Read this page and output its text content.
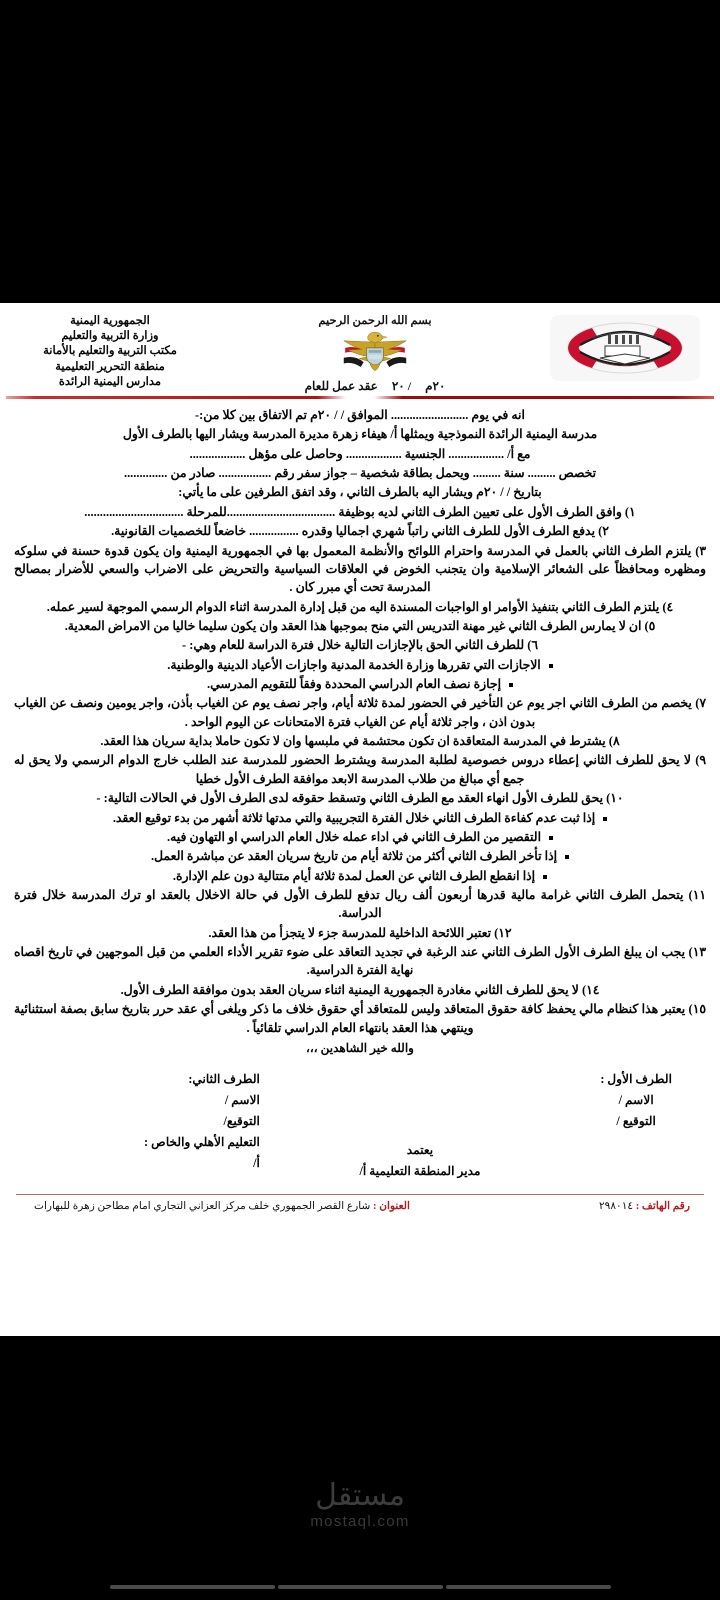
الجمهورية اليمنية
وزارة التربية والتعليم
مكتب التربية والتعليم بالأمانة
منطقة التحرير التعليمية
مدارس اليمنية الرائدة
بسم الله الرحمن الرحيم
عقد عمل للعام / ٢٠ ٢٠م
انه في يوم ......................... الموافق / / ٢٠م تم الاتفاق بين كلا من:-
مدرسة اليمنية الرائدة النموذجية ويمثلها أ/ هيفاء زهرة مديرة المدرسة ويشار اليها بالطرف الأول
مع أ/ .................. الجنسية .................. وحاصل على مؤهل ..................
تخصص ......... سنة ......... ويحمل بطاقة شخصية – جواز سفر رقم ................. صادر من ..............
بتاريخ / / ٢٠م ويشار اليه بالطرف الثاني ، وقد اتفق الطرفين على ما يأتي:
١) وافق الطرف الأول على تعيين الطرف الثاني لديه بوظيفة ...................................للمرحلة ................................
٢) يدفع الطرف الأول للطرف الثاني راتباً شهري اجماليا وقدره ................ خاضعاً للخصميات القانونية.
٣) يلتزم الطرف الثاني بالعمل في المدرسة واحترام اللوائح والأنظمة المعمول بها في الجمهورية اليمنية وان يكون قدوة حسنة في سلوكه ومظهره ومحافظاً على الشعائر الإسلامية وان يتجنب الخوض في العلاقات السياسية والتحريض على الاضراب والسعي للأضرار بمصالح المدرسة تحت أي مبرر كان .
٤) يلتزم الطرف الثاني بتنفيذ الأوامر او الواجبات المسندة اليه من قبل إدارة المدرسة اثناء الدوام الرسمي الموجهة لسير عمله.
٥) ان لا يمارس الطرف الثاني غير مهنة التدريس التي منح بموجبها هذا العقد وان يكون سليما خاليا من الامراض المعدية.
٦) للطرف الثاني الحق بالإجازات التالية خلال فترة الدراسة للعام وهي: -
الاجازات التي تقررها وزارة الخدمة المدنية واجازات الأعياد الدينية والوطنية.
إجازة نصف العام الدراسي المحددة وفقاً للتقويم المدرسي.
٧) يخصم من الطرف الثاني اجر يوم عن التأخير في الحضور لمدة ثلاثة أيام، واجر نصف يوم عن الغياب بأذن، واجر يومين ونصف عن الغياب بدون اذن ، واجر ثلاثة أيام عن الغياب فترة الامتحانات عن اليوم الواحد .
٨) يشترط في المدرسة المتعاقدة ان تكون محتشمة في ملبسها وان لا تكون حاملا بداية سريان هذا العقد.
٩) لا يحق للطرف الثاني إعطاء دروس خصوصية لطلبة المدرسة ويشترط الحضور للمدرسة عند الطلب خارج الدوام الرسمي ولا يحق له جمع أي مبالغ من طلاب المدرسة الابعد موافقة الطرف الأول خطيا
١٠) يحق للطرف الأول انهاء العقد مع الطرف الثاني وتسقط حقوقه لدى الطرف الأول في الحالات التالية: -
إذا ثبت عدم كفاءة الطرف الثاني خلال الفترة التجريبية والتي مدتها ثلاثة أشهر من بدء توقيع العقد.
التقصير من الطرف الثاني في اداء عمله خلال العام الدراسي او التهاون فيه.
إذا تأخر الطرف الثاني أكثر من ثلاثة أيام من تاريخ سريان العقد عن مباشرة العمل.
إذا انقطع الطرف الثاني عن العمل لمدة ثلاثة أيام متتالية دون علم الإدارة.
١١) يتحمل الطرف الثاني غرامة مالية قدرها أربعون ألف ريال تدفع للطرف الأول في حالة الاخلال بالعقد او ترك المدرسة خلال فترة الدراسة.
١٢) تعتبر اللائحة الداخلية للمدرسة جزء لا يتجزأ من هذا العقد.
١٣) يجب ان يبلغ الطرف الأول الطرف الثاني عند الرغبة في تجديد التعاقد على ضوء تقرير الأداء العلمي من قبل الموجهين في تاريخ اقصاه نهاية الفترة الدراسية.
١٤) لا يحق للطرف الثاني مغادرة الجمهورية اليمنية اثناء سريان العقد بدون موافقة الطرف الأول.
١٥) يعتبر هذا كنظام مالي يحفظ كافة حقوق المتعاقد وليس للمتعاقد أي حقوق خلاف ما ذكر ويلغى أي عقد حرر بتاريخ سابق بصفة استثنائية وينتهي هذا العقد بانتهاء العام الدراسي تلقائياً .
والله خير الشاهدين ،،،
الطرف الثاني:
الاسم /
التوقيع/
التعليم الأهلي والخاص :
أ/
الطرف الأول :
الاسم /
التوقيع /
يعتمد
مدير المنطقة التعليمية أ/
العنوان : شارع القصر الجمهوري خلف مركز العزاني التجاري امام مطاحن زهرة للبهارات	رقم الهاتف : ٢٩٨٠١٤
مستقل
mostaql.com
